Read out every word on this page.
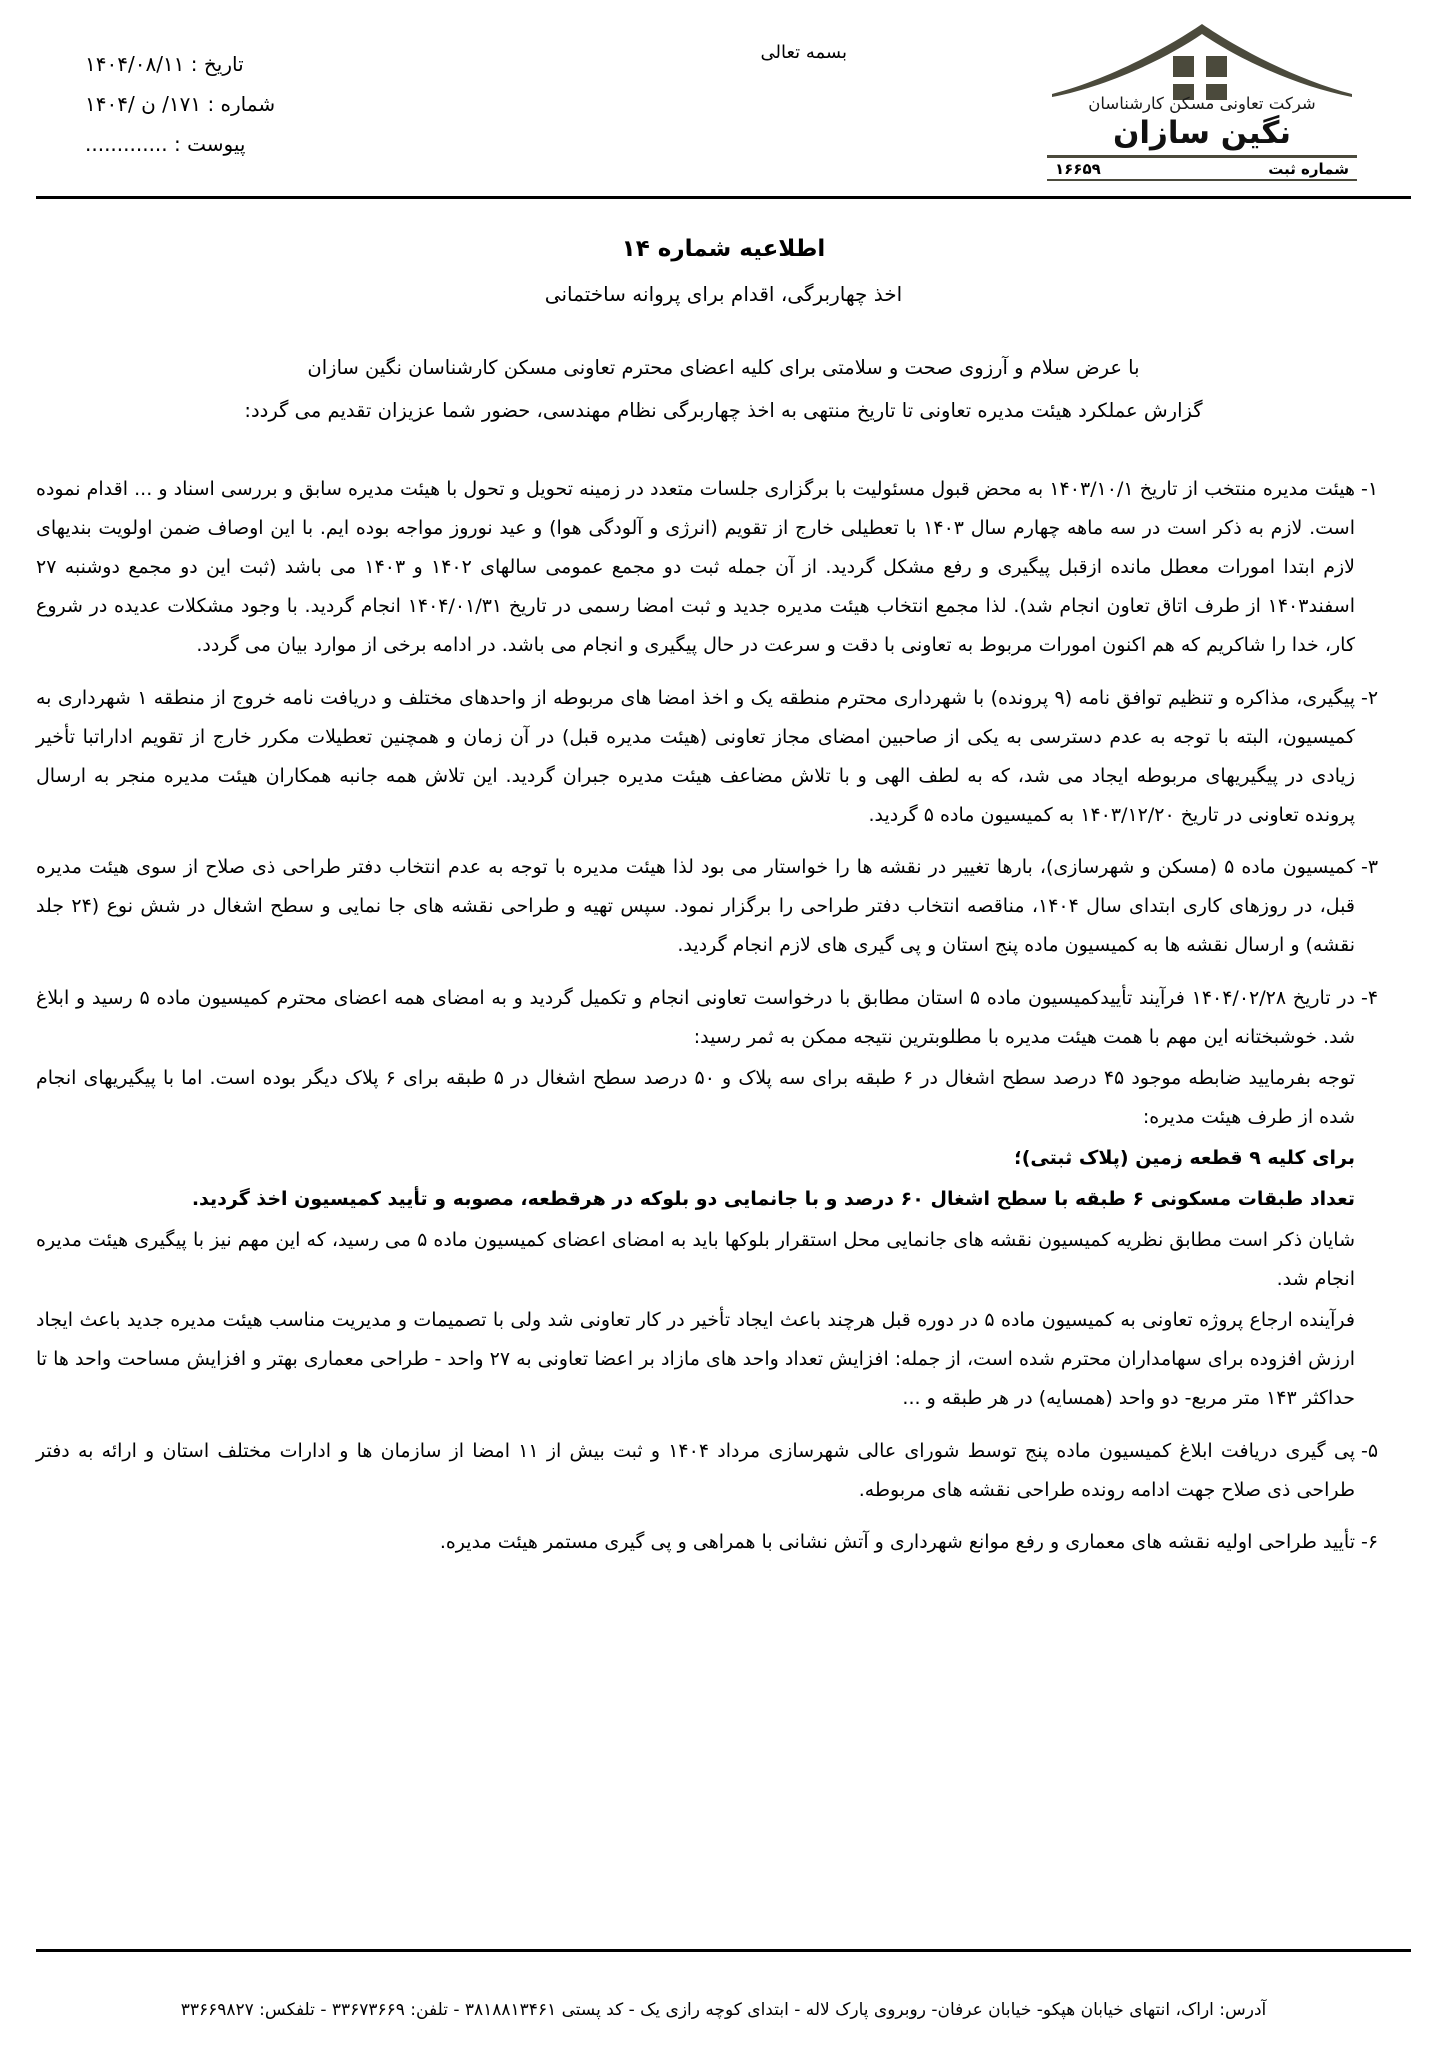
تاریخ : ۱۴۰۴/۰۸/۱۱
شماره : ۱۷۱/ ن /۱۴۰۴
پیوست : .............
بسمه تعالی
شرکت تعاونی مسکن کارشناسان
نگین سازان
شماره ثبت
۱۶۶۵۹
اطلاعیه شماره ۱۴
اخذ چهاربرگی، اقدام برای پروانه ساختمانی

با عرض سلام و آرزوی صحت و سلامتی برای کلیه اعضای محترم تعاونی مسکن کارشناسان نگین سازان

گزارش عملکرد هیئت مدیره تعاونی تا تاریخ منتهی به اخذ چهاربرگی نظام مهندسی، حضور شما عزیزان تقدیم می گردد:

۱-

هیئت مدیره منتخب از تاریخ ۱۴۰۳/۱۰/۱ به محض قبول مسئولیت با برگزاری جلسات متعدد در زمینه تحویل و تحول با هیئت مدیره سابق و بررسی اسناد و ... اقدام نموده است. لازم به ذکر است در سه ماهه چهارم سال ۱۴۰۳ با تعطیلی خارج از تقویم (انرژی و آلودگی هوا) و عید نوروز مواجه بوده ایم. با این اوصاف ضمن اولویت بندیهای لازم ابتدا امورات معطل مانده ازقبل پیگیری و رفع مشکل گردید. از آن جمله ثبت دو مجمع عمومی سالهای ۱۴۰۲ و ۱۴۰۳ می باشد (ثبت این دو مجمع دوشنبه ۲۷ اسفند۱۴۰۳ از طرف اتاق تعاون انجام شد). لذا مجمع انتخاب هیئت مدیره جدید و ثبت امضا رسمی در تاریخ ۱۴۰۴/۰۱/۳۱ انجام گردید. با وجود مشکلات عدیده در شروع کار، خدا را شاکریم که هم اکنون امورات مربوط به تعاونی با دقت و سرعت در حال پیگیری و انجام می باشد. در ادامه برخی از موارد بیان می گردد.

۲-

پیگیری، مذاکره و تنظیم توافق نامه (۹ پرونده) با شهرداری محترم منطقه یک و اخذ امضا های مربوطه از واحدهای مختلف و دریافت نامه خروج از منطقه ۱ شهرداری به کمیسیون، البته با توجه به عدم دسترسی به یکی از صاحبین امضای مجاز تعاونی (هیئت مدیره قبل) در آن زمان و همچنین تعطیلات مکرر خارج از تقویم اداراتبا تأخیر زیادی در پیگیریهای مربوطه ایجاد می شد، که به لطف الهی و با تلاش مضاعف هیئت مدیره جبران گردید. این تلاش همه جانبه همکاران هیئت مدیره منجر به ارسال پرونده تعاونی در تاریخ ۱۴۰۳/۱۲/۲۰ به کمیسیون ماده ۵ گردید.

۳-

کمیسیون ماده ۵ (مسکن و شهرسازی)، بارها تغییر در نقشه ها را خواستار می بود لذا هیئت مدیره با توجه به عدم انتخاب دفتر طراحی ذی صلاح از سوی هیئت مدیره قبل، در روزهای کاری ابتدای سال ۱۴۰۴، مناقصه انتخاب دفتر طراحی را برگزار نمود. سپس تهیه و طراحی نقشه های جا نمایی و سطح اشغال در شش نوع (۲۴ جلد نقشه) و ارسال نقشه ها به کمیسیون ماده پنج استان و پی گیری های لازم انجام گردید.

۴-

در تاریخ ۱۴۰۴/۰۲/۲۸ فرآیند تأییدکمیسیون ماده ۵ استان مطابق با درخواست تعاونی انجام و تکمیل گردید و به امضای همه اعضای محترم کمیسیون ماده ۵ رسید و ابلاغ شد. خوشبختانه این مهم با همت هیئت مدیره با مطلوبترین نتیجه ممکن به ثمر رسید:

توجه بفرمایید ضابطه موجود ۴۵ درصد سطح اشغال در ۶ طبقه برای سه پلاک و ۵۰ درصد سطح اشغال در ۵ طبقه برای ۶ پلاک دیگر بوده است. اما با پیگیریهای انجام شده از طرف هیئت مدیره:

برای کلیه ۹ قطعه زمین (پلاک ثبتی)؛

تعداد طبقات مسکونی ۶ طبقه با سطح اشغال ۶۰ درصد و با جانمایی دو بلوکه در هرقطعه، مصوبه و تأیید کمیسیون اخذ گردید.

شایان ذکر است مطابق نظریه کمیسیون نقشه های جانمایی محل استقرار بلوکها باید به امضای اعضای کمیسیون ماده ۵ می رسید، که این مهم نیز با پیگیری هیئت مدیره انجام شد.

فرآینده ارجاع پروژه تعاونی به کمیسیون ماده ۵ در دوره قبل هرچند باعث ایجاد تأخیر در کار تعاونی شد ولی با تصمیمات و مدیریت مناسب هیئت مدیره جدید باعث ایجاد ارزش افزوده برای سهامداران محترم شده است، از جمله: افزایش تعداد واحد های مازاد بر اعضا تعاونی به ۲۷ واحد - طراحی معماری بهتر و افزایش مساحت واحد ها تا حداکثر ۱۴۳ متر مربع- دو واحد (همسایه) در هر طبقه و ...

۵-

پی گیری دریافت ابلاغ کمیسیون ماده پنج توسط شورای عالی شهرسازی مرداد ۱۴۰۴ و ثبت بیش از ۱۱ امضا از سازمان ها و ادارات مختلف استان و ارائه به دفتر طراحی ذی صلاح جهت ادامه رونده طراحی نقشه های مربوطه.

۶-

تأیید طراحی اولیه نقشه های معماری و رفع موانع شهرداری و آتش نشانی با همراهی و پی گیری مستمر هیئت مدیره.

آدرس: اراک، انتهای خیابان هپکو- خیابان عرفان- روبروی پارک لاله - ابتدای کوچه رازی یک - کد پستی ۳۸۱۸۸۱۳۴۶۱ - تلفن: ۳۳۶۷۳۶۶۹ - تلفکس: ۳۳۶۶۹۸۲۷
